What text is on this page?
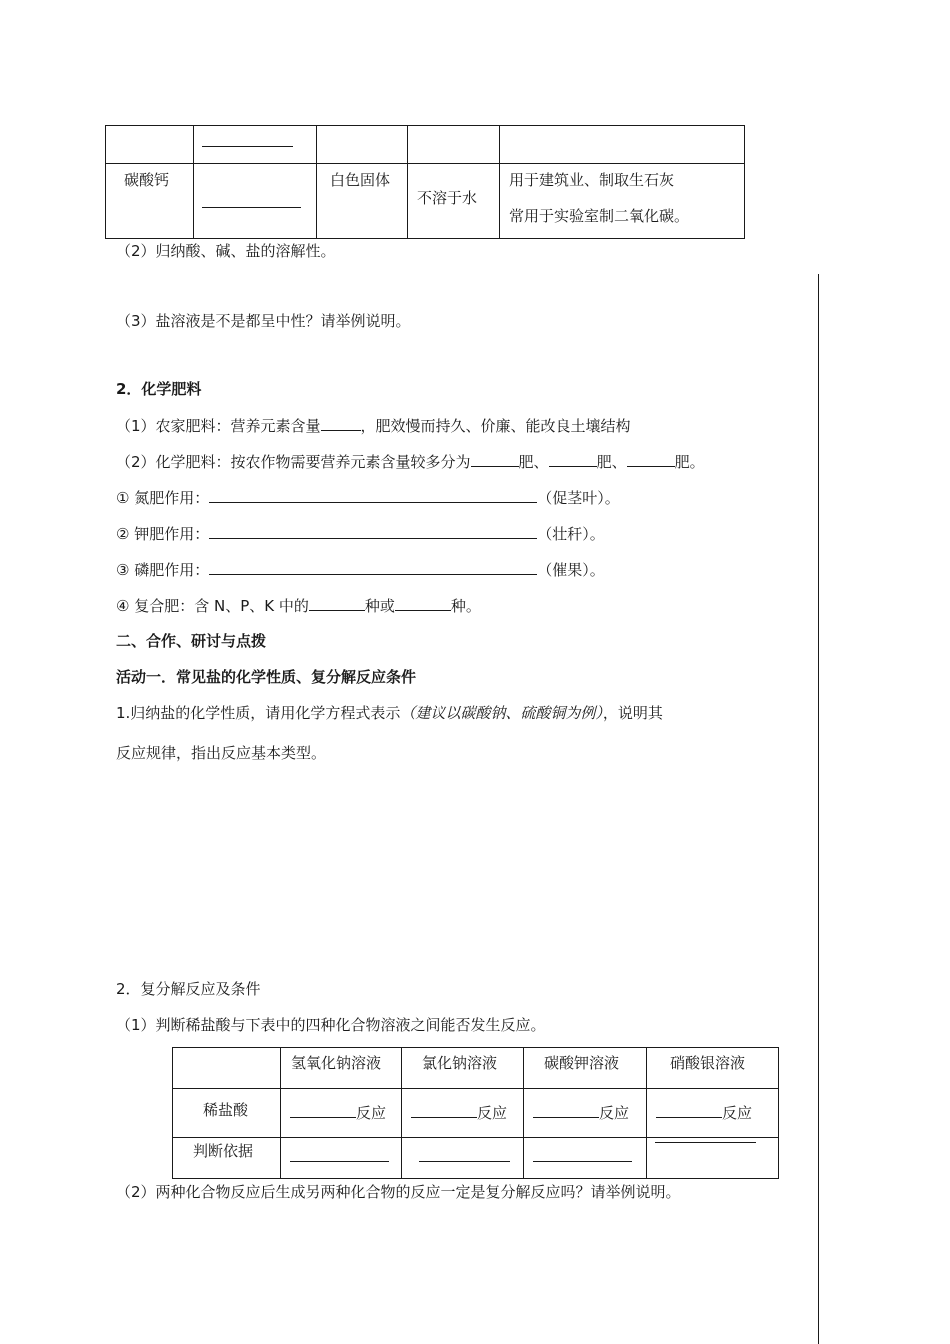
碳酸钙		白色固体	不溶于水	用于建筑业、制取生石灰
常用于实验室制二氧化碳。
（2）归纳酸、碱、盐的溶解性。
（3）盐溶液是不是都呈中性？请举例说明。
2．化学肥料
（1）农家肥料：营养元素含量	，肥效慢而持久、价廉、能改良土壤结构
（2）化学肥料：按农作物需要营养元素含量较多分为	肥、	肥、	肥。
① 氮肥作用：	（促茎叶）。
② 钾肥作用：	（壮秆）。
③ 磷肥作用：	（催果）。
④ 复合肥：含 N、P、K 中的	种或	种。
二、合作、研讨与点拨
活动一．常见盐的化学性质、复分解反应条件
1.归纳盐的化学性质，请用化学方程式表示（建议以碳酸钠、硫酸铜为例），说明其
反应规律，指出反应基本类型。
2．复分解反应及条件
（1）判断稀盐酸与下表中的四种化合物溶液之间能否发生反应。

	氢氧化钠溶液	氯化钠溶液	碳酸钾溶液	硝酸银溶液

稀盐酸	反应	反应	反应	反应

判断依据				

（2）两种化合物反应后生成另两种化合物的反应一定是复分解反应吗？请举例说明。
